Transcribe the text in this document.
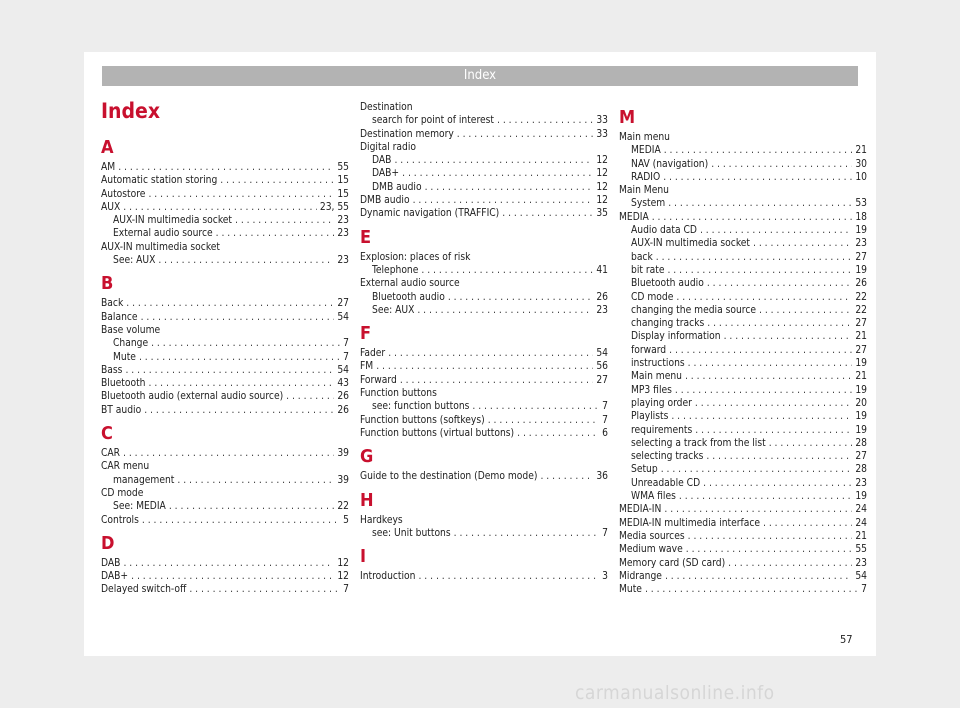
Index
Index
A
AM . . .	55
Automatic station storing . . .	15
Autostore . . .	15
AUX . . .	23, 55
AUX-IN multimedia socket . . .	23
External audio source . . .	23
AUX-IN multimedia socket
See: AUX . . .	23
B
Back . . .	27
Balance . . .	54
Base volume
Change . . .	7
Mute . . .	7
Bass . . .	54
Bluetooth . . .	43
Bluetooth audio (external audio source) . . .	26
BT audio . . .	26
C
CAR . . .	39
CAR menu
management . . .	39
CD mode
See: MEDIA . . .	22
Controls . . .	5
D
DAB . . .	12
DAB+ . . .	12
Delayed switch-off . . .	7
Destination
search for point of interest . . .	33
Destination memory . . .	33
Digital radio
DAB . . .	12
DAB+ . . .	12
DMB audio . . .	12
DMB audio . . .	12
Dynamic navigation (TRAFFIC) . . .	35
E
Explosion: places of risk
Telephone . . .	41
External audio source
Bluetooth audio . . .	26
See: AUX . . .	23
F
Fader . . .	54
FM . . .	56
Forward . . .	27
Function buttons
see: function buttons . . .	7
Function buttons (softkeys) . . .	7
Function buttons (virtual buttons) . . .	6
G
Guide to the destination (Demo mode) . . .	36
H
Hardkeys
see: Unit buttons . . .	7
I
Introduction . . .	3
M
Main menu
MEDIA . . .	21
NAV (navigation) . . .	30
RADIO . . .	10
Main Menu
System . . .	53
MEDIA . . .	18
Audio data CD . . .	19
AUX-IN multimedia socket . . .	23
back . . .	27
bit rate . . .	19
Bluetooth audio . . .	26
CD mode . . .	22
changing the media source . . .	22
changing tracks . . .	27
Display information . . .	21
forward . . .	27
instructions . . .	19
Main menu . . .	21
MP3 files . . .	19
playing order . . .	20
Playlists . . .	19
requirements . . .	19
selecting a track from the list . . .	28
selecting tracks . . .	27
Setup . . .	28
Unreadable CD . . .	23
WMA files . . .	19
MEDIA-IN . . .	24
MEDIA-IN multimedia interface . . .	24
Media sources . . .	21
Medium wave . . .	55
Memory card (SD card) . . .	23
Midrange . . .	54
Mute . . .	7
57
carmanualsonline.info
